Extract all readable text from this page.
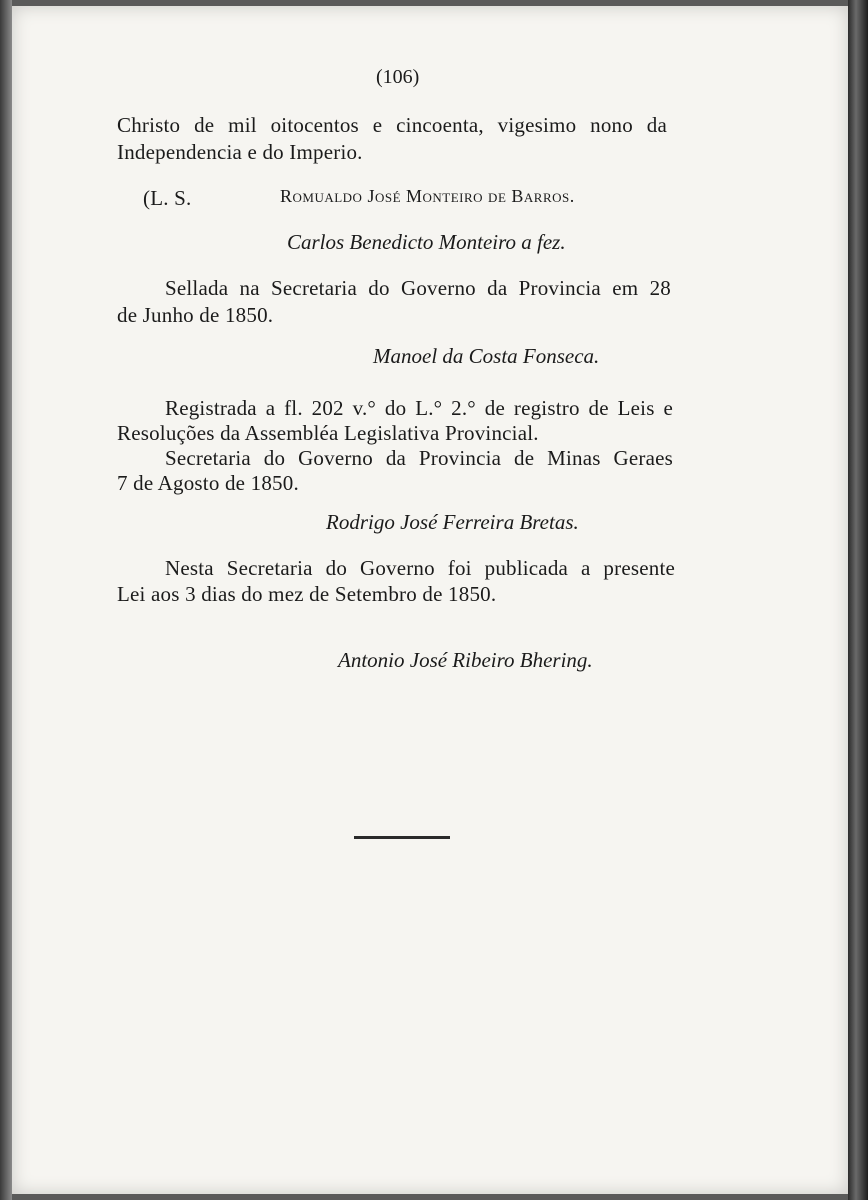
(106)
Christo de mil oitocentos e cincoenta, vigesimo nono da
Independencia e do Imperio.
(L. S.	Romualdo José Monteiro de Barros.
Carlos Benedicto Monteiro a fez.
Sellada na Secretaria do Governo da Provincia em 28
de Junho de 1850.
Manoel da Costa Fonseca.
Registrada a fl. 202 v.° do L.° 2.° de registro de Leis e
Resoluções da Assembléa Legislativa Provincial.
Secretaria do Governo da Provincia de Minas Geraes
7 de Agosto de 1850.
Rodrigo José Ferreira Bretas.
Nesta Secretaria do Governo foi publicada a presente
Lei aos 3 dias do mez de Setembro de 1850.
Antonio José Ribeiro Bhering.
